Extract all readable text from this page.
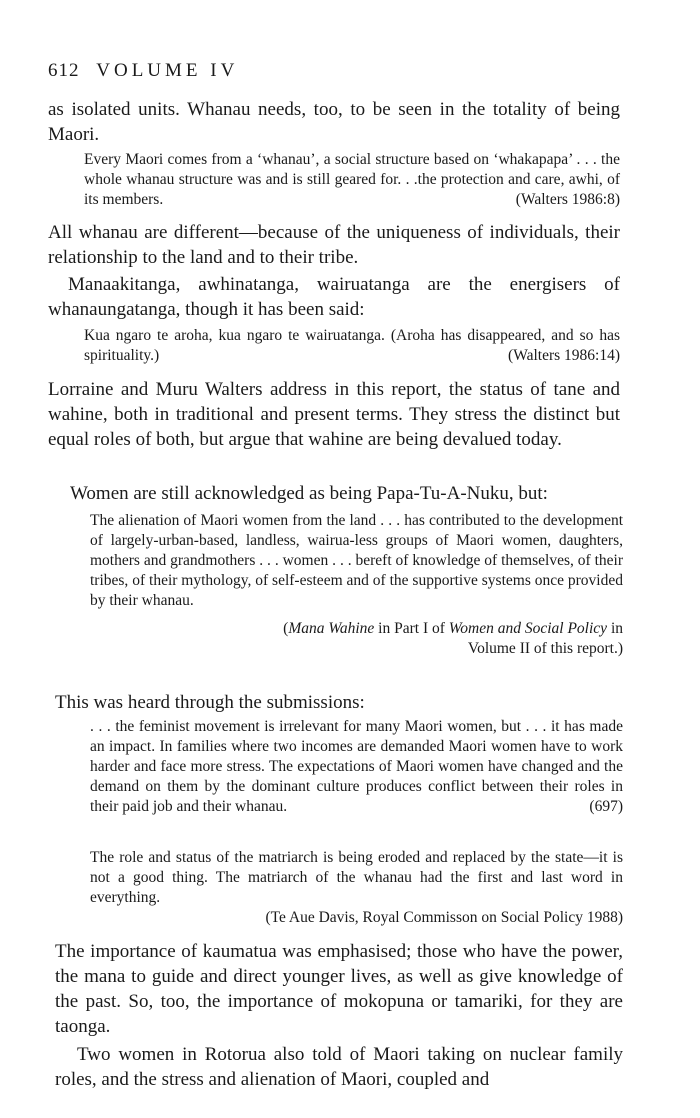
612 VOLUME IV

as isolated units. Whanau needs, too, to be seen in the totality of being Maori.

Every Maori comes from a ‘whanau’, a social structure based on ‘whakapapa’ . . . the whole whanau structure was and is still geared for. . .the protection and care, awhi, of its members.	(Walters 1986:8)

All whanau are different—because of the uniqueness of individuals, their relationship to the land and to their tribe.

Manaakitanga, awhinatanga, wairuatanga are the energisers of whanaungatanga, though it has been said:

Kua ngaro te aroha, kua ngaro te wairuatanga. (Aroha has disappeared, and so has spirituality.)	(Walters 1986:14)

Lorraine and Muru Walters address in this report, the status of tane and wahine, both in traditional and present terms. They stress the distinct but equal roles of both, but argue that wahine are being devalued today.

Women are still acknowledged as being Papa-Tu-A-Nuku, but:

The alienation of Maori women from the land . . . has contributed to the development of largely-urban-based, landless, wairua-less groups of Maori women, daughters, mothers and grandmothers . . . women . . . bereft of knowledge of themselves, of their tribes, of their mythology, of self-esteem and of the supportive systems once provided by their whanau.
(Mana Wahine in Part I of Women and Social Policy in
Volume II of this report.)

This was heard through the submissions:

. . . the feminist movement is irrelevant for many Maori women, but . . . it has made an impact. In families where two incomes are demanded Maori women have to work harder and face more stress. The expectations of Maori women have changed and the demand on them by the dominant culture produces conflict between their roles in their paid job and their whanau.	(697)
The role and status of the matriarch is being eroded and replaced by the state—it is not a good thing. The matriarch of the whanau had the first and last word in everything.
(Te Aue Davis, Royal Commisson on Social Policy 1988)

The importance of kaumatua was emphasised; those who have the power, the mana to guide and direct younger lives, as well as give knowledge of the past. So, too, the importance of mokopuna or tamariki, for they are taonga.

Two women in Rotorua also told of Maori taking on nuclear family roles, and the stress and alienation of Maori, coupled and
